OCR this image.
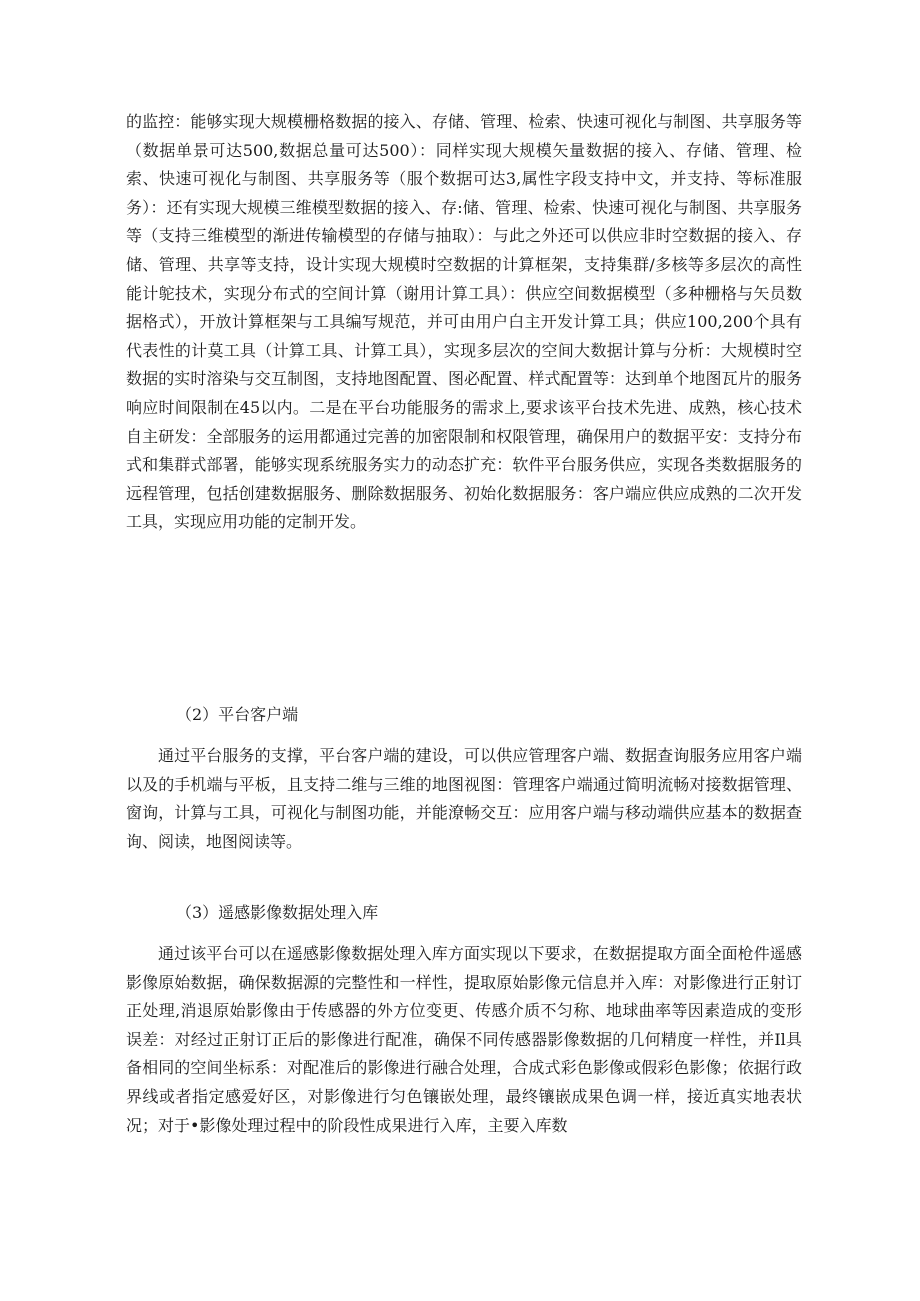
的监控：能够实现大规模栅格数据的接入、存储、管理、检索、快速可视化与制图、共享服务等（数据单景可达500,数据总量可达500）：同样实现大规模矢量数据的接入、存储、管理、检索、快速可视化与制图、共享服务等（服个数据可达3,属性字段支持中文，并支持、等标准服务）：还有实现大规模三维模型数据的接入、存:储、管理、检索、快速可视化与制图、共享服务等（支持三维模型的渐进传输模型的存储与抽取）：与此之外还可以供应非时空数据的接入、存储、管理、共享等支持，设计实现大规模时空数据的计算框架，支持集群/多核等多层次的高性能计鸵技术，实现分布式的空间计算（谢用计算工具）：供应空间数据模型（多种栅格与矢员数据格式），开放计算框架与工具编写规范，并可由用户白主开发计算工具；供应100,200个具有代表性的计莫工具（计算工具、计算工具），实现多层次的空间大数据计算与分析：大规模时空数据的实时溶染与交互制图，支持地图配置、图必配置、样式配置等：达到单个地图瓦片的服务响应时间限制在45以内。二是在平台功能服务的需求上,要求该平台技术先进、成熟，核心技术自主研发：全部服务的运用都通过完善的加密限制和权限管理，确保用户的数据平安：支持分布式和集群式部署，能够实现系统服务实力的动态扩充：软件平台服务供应，实现各类数据服务的远程管理，包括创建数据服务、删除数据服务、初始化数据服务：客户端应供应成熟的二次开发工具，实现应用功能的定制开发。
（2）平台客户端
通过平台服务的支撑，平台客户端的建设，可以供应管理客户端、数据查询服务应用客户端以及的手机端与平板，且支持二维与三维的地图视图：管理客户端通过简明流畅对接数据管理、窗询，计算与工具，可视化与制图功能，并能潦畅交互：应用客户端与移动端供应基本的数据查询、阅读，地图阅读等。
（3）遥感影像数据处理入库
通过该平台可以在遥感影像数据处理入库方面实现以下要求，在数据提取方面全面枪件遥感影像原始数据，确保数据源的完整性和一样性，提取原始影像元信息并入库：对影像进行正射订正处理,消退原始影像由于传感器的外方位变更、传感介质不匀称、地球曲率等因素造成的变形误差：对经过正射订正后的影像进行配准，确保不同传感器影像数据的几何精度一样性，并Il具备相同的空间坐标系：对配准后的影像进行融合处理，合成式彩色影像或假彩色影像；依据行政界线或者指定感爱好区，对影像进行匀色镶嵌处理，最终镶嵌成果色调一样，接近真实地表状况；对于•影像处理过程中的阶段性成果进行入库，主要入库数
